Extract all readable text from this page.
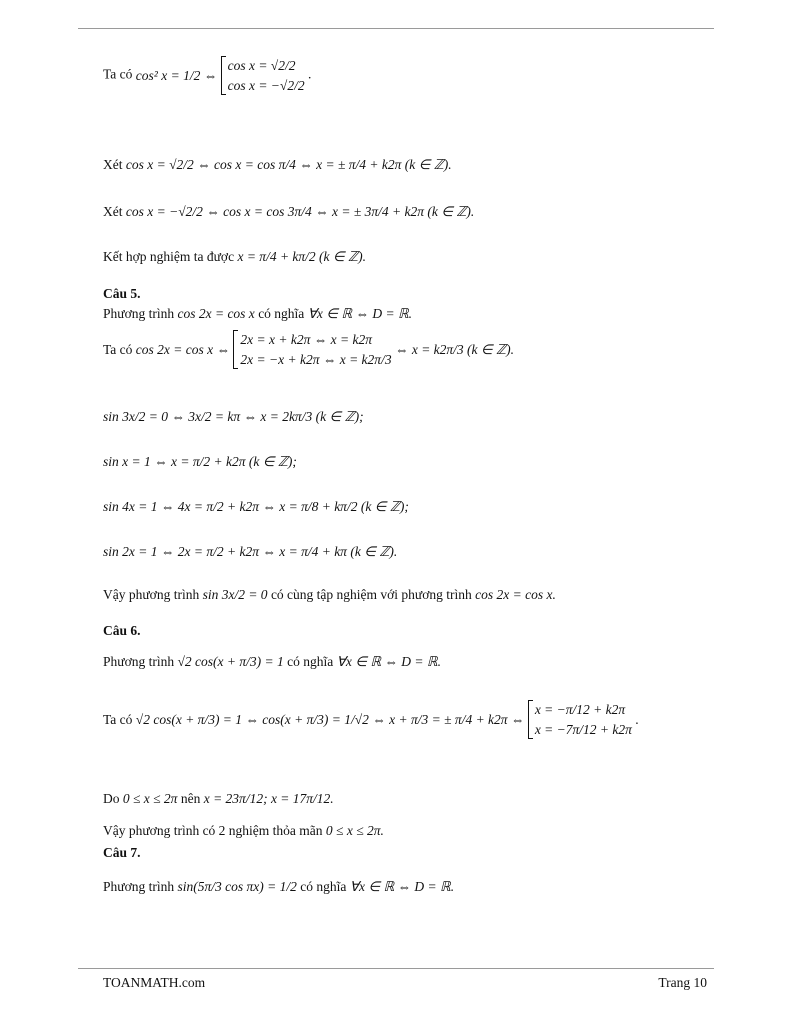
Ta có cos² x = 1/2 ⇔
cos x = √2/2
cos x = −√2/2
.
Xét cos x = √2/2 ⇔ cos x = cos π/4 ⇔ x = ± π/4 + k2π (k ∈ ℤ).
Xét cos x = −√2/2 ⇔ cos x = cos 3π/4 ⇔ x = ± 3π/4 + k2π (k ∈ ℤ).
Kết hợp nghiệm ta được x = π/4 + kπ/2 (k ∈ ℤ).
Câu 5.
Phương trình cos 2x = cos x có nghĩa ∀x ∈ ℝ ⇔ D = ℝ.
Ta có cos 2x = cos x ⇔
2x = x + k2π ⇔ x = k2π
2x = −x + k2π ⇔ x = k2π/3
⇔ x = k2π/3 (k ∈ ℤ).
sin 3x/2 = 0 ⇔ 3x/2 = kπ ⇔ x = 2kπ/3 (k ∈ ℤ);
sin x = 1 ⇔ x = π/2 + k2π (k ∈ ℤ);
sin 4x = 1 ⇔ 4x = π/2 + k2π ⇔ x = π/8 + kπ/2 (k ∈ ℤ);
sin 2x = 1 ⇔ 2x = π/2 + k2π ⇔ x = π/4 + kπ (k ∈ ℤ).
Vậy phương trình sin 3x/2 = 0 có cùng tập nghiệm với phương trình cos 2x = cos x.
Câu 6.
Phương trình √2 cos(x + π/3) = 1 có nghĩa ∀x ∈ ℝ ⇔ D = ℝ.
Ta có √2 cos(x + π/3) = 1 ⇔ cos(x + π/3) = 1/√2 ⇔ x + π/3 = ± π/4 + k2π ⇔
x = −π/12 + k2π
x = −7π/12 + k2π
.
Do 0 ≤ x ≤ 2π nên x = 23π/12; x = 17π/12.
Vậy phương trình có 2 nghiệm thỏa mãn 0 ≤ x ≤ 2π.
Câu 7.
Phương trình sin(5π/3 cos πx) = 1/2 có nghĩa ∀x ∈ ℝ ⇔ D = ℝ.
TOANMATH.com	Trang 10
